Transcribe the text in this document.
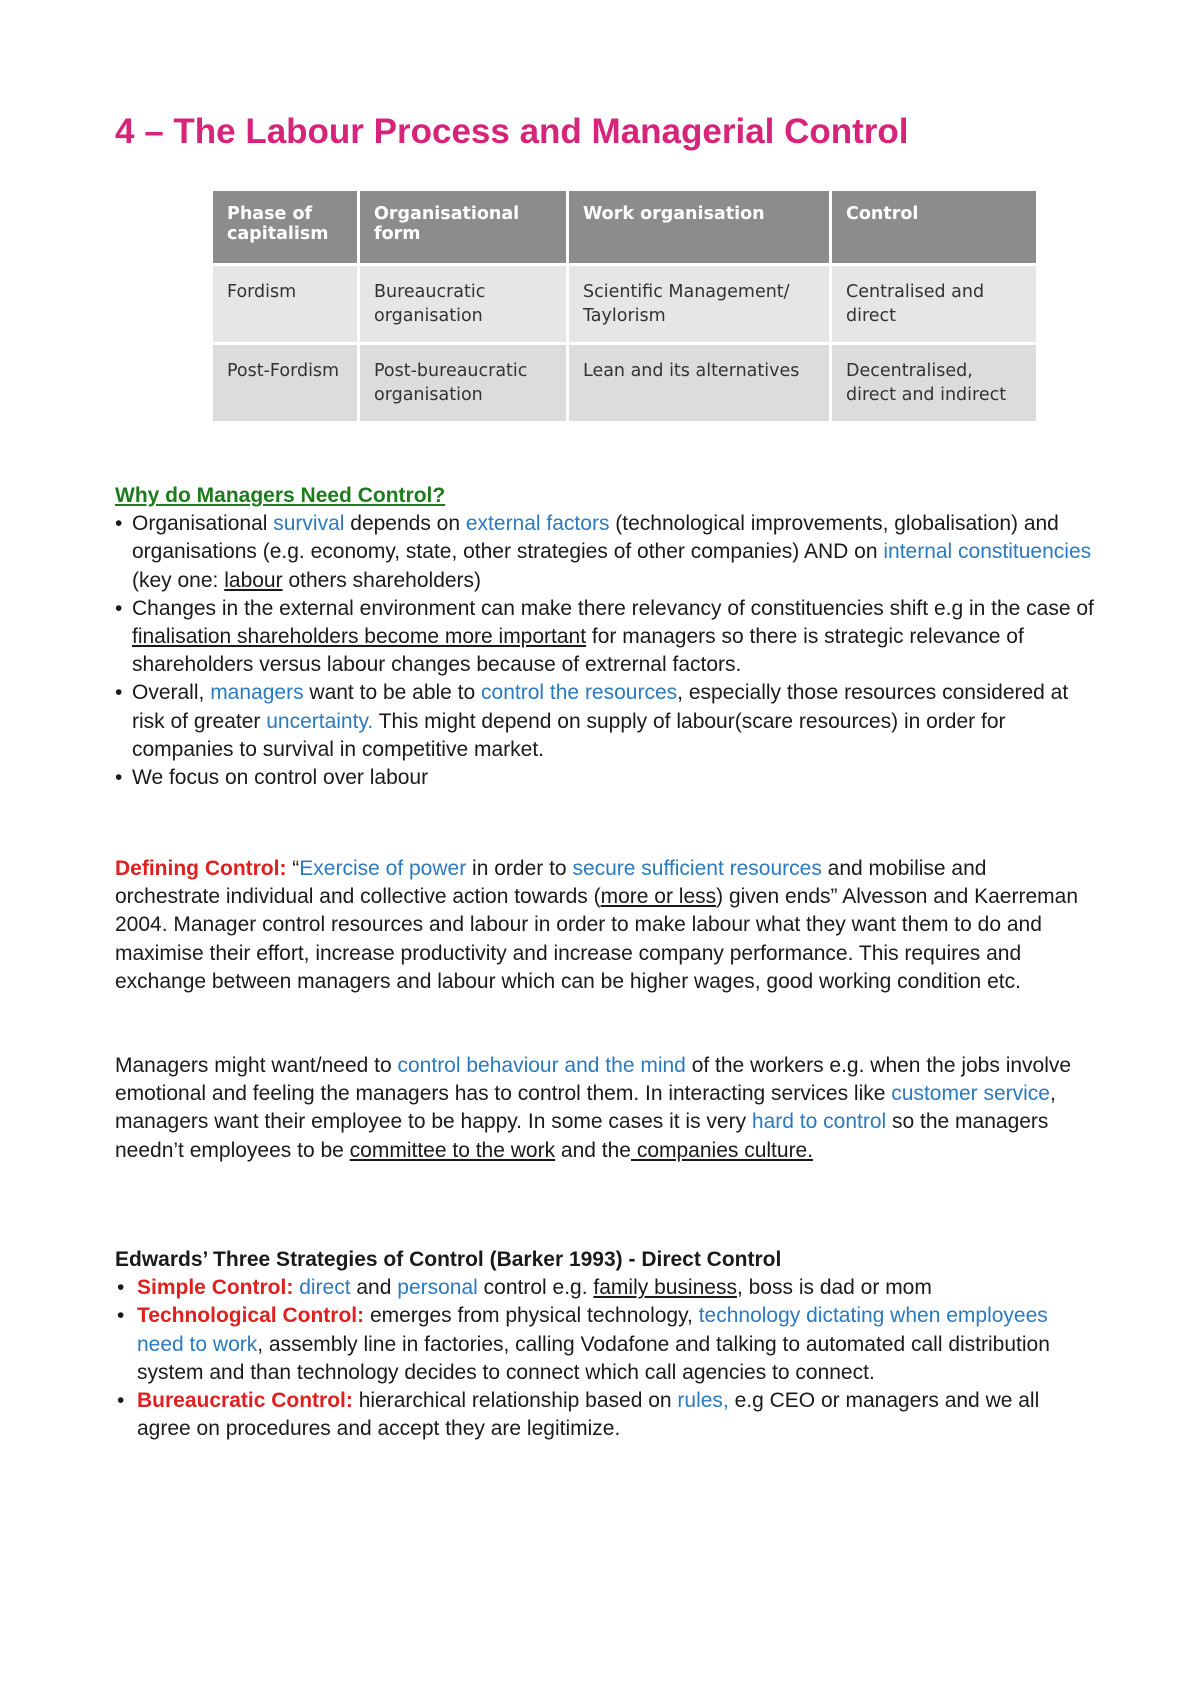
4 – The Labour Process and Managerial Control
Phase of capitalism	Organisational form	Work organisation	Control
Fordism	Bureaucratic organisation	Scientific Management/ Taylorism	Centralised and direct
Post-Fordism	Post-bureaucratic organisation	Lean and its alternatives	Decentralised, direct and indirect
Why do Managers Need Control?
• Organisational survival depends on external factors (technological improvements, globalisation) and organisations (e.g. economy, state, other strategies of other companies) AND on internal constituencies (key one: labour others shareholders)
• Changes in the external environment can make there relevancy of constituencies shift e.g in the case of finalisation shareholders become more important for managers so there is strategic relevance of shareholders versus labour changes because of extrernal factors.
• Overall, managers want to be able to control the resources, especially those resources considered at risk of greater uncertainty. This might depend on supply of labour(scare resources) in order for companies to survival in competitive market.
• We focus on control over labour
Defining Control: “Exercise of power in order to secure sufficient resources and mobilise and orchestrate individual and collective action towards (more or less) given ends” Alvesson and Kaerreman 2004. Manager control resources and labour in order to make labour what they want them to do and maximise their effort, increase productivity and increase company performance. This requires and exchange between managers and labour which can be higher wages, good working condition etc.
Managers might want/need to control behaviour and the mind of the workers e.g. when the jobs involve emotional and feeling the managers has to control them. In interacting services like customer service, managers want their employee to be happy. In some cases it is very hard to control so the managers needn’t employees to be committee to the work and the companies culture.
Edwards’ Three Strategies of Control (Barker 1993) - Direct Control
• Simple Control: direct and personal control e.g. family business, boss is dad or mom
• Technological Control: emerges from physical technology, technology dictating when employees need to work, assembly line in factories, calling Vodafone and talking to automated call distribution system and than technology decides to connect which call agencies to connect.
• Bureaucratic Control: hierarchical relationship based on rules, e.g CEO or managers and we all agree on procedures and accept they are legitimize.
